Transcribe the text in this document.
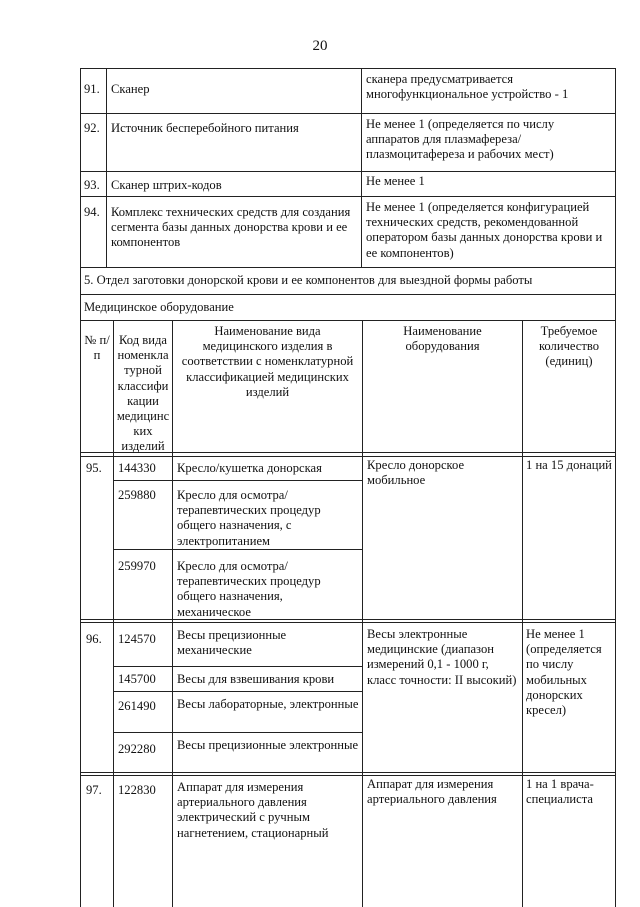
20
91. Сканер
сканера предусматривается многофункциональное устройство - 1
92. Источник бесперебойного питания	Не менее 1 (определяется по числу аппаратов для плазмафереза/плазмоцитафереза и рабочих мест)
93. Сканер штрих-кодов	Не менее 1
94. Комплекс технических средств для создания сегмента базы данных донорства крови и ее компонентов
Не менее 1 (определяется конфигурацией технических средств, рекомендованной оператором базы данных донорства крови и ее компонентов)
5. Отдел заготовки донорской крови и ее компонентов для выездной формы работы
Медицинское оборудование
№ п/п
Код вида номенклатурной классификации медицинских изделий
Наименование вида медицинского изделия в соответствии с номенклатурной классификацией медицинских изделий
Наименование оборудования
Требуемое количество (единиц)
95. 144330 Кресло/кушетка донорская
259880 Кресло для осмотра/терапевтических процедур общего назначения, с электропитанием
259970 Кресло для осмотра/терапевтических процедур общего назначения, механическое
Кресло донорское мобильное
1 на 15 донаций
96. 124570 Весы прецизионные механические
145700 Весы для взвешивания крови
261490 Весы лабораторные, электронные
292280 Весы прецизионные электронные
Весы электронные медицинские (диапазон измерений 0,1 - 1000 г, класс точности: II высокий)
Не менее 1 (определяется по числу мобильных донорских кресел)
97. 122830 Аппарат для измерения артериального давления электрический с ручным нагнетением, стационарный
Аппарат для измерения артериального давления
1 на 1 врача-специалиста
